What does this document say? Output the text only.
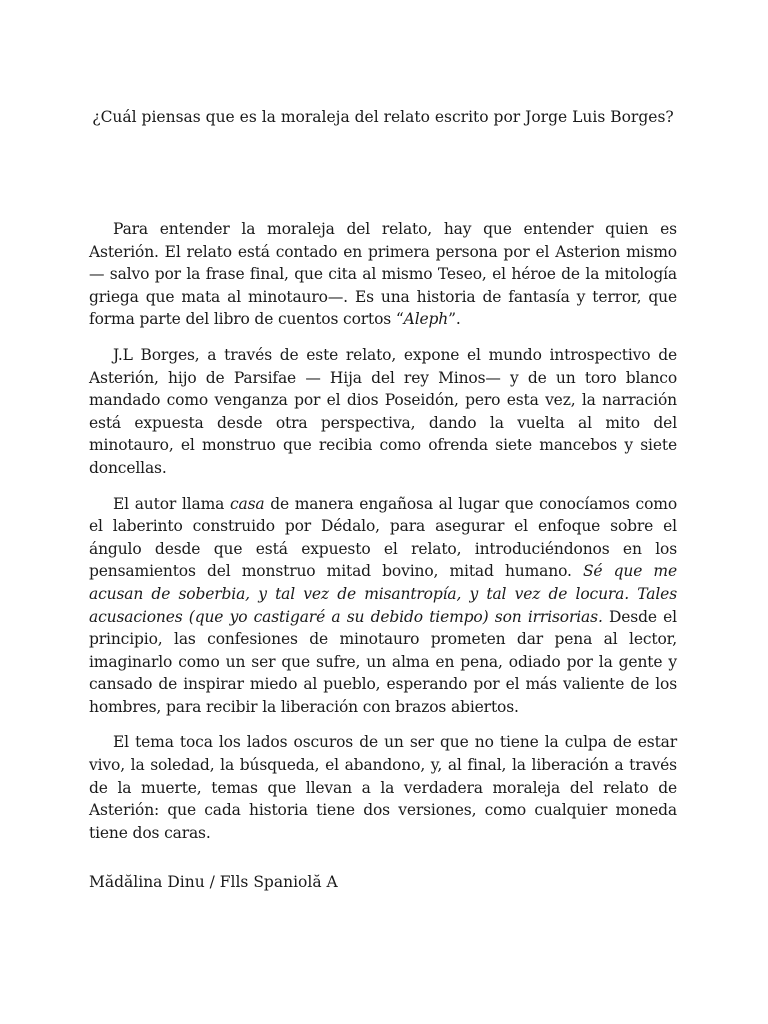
¿Cuál piensas que es la moraleja del relato escrito por Jorge Luis Borges?

Para entender la moraleja del relato, hay que entender quien es Asterión. El relato está contado en primera persona por el Asterion mismo — salvo por la frase final, que cita al mismo Teseo, el héroe de la mitología griega que mata al minotauro—. Es una historia de fantasía y terror, que forma parte del libro de cuentos cortos “Aleph”.

J.L Borges, a través de este relato, expone el mundo introspectivo de Asterión, hijo de Parsifae — Hija del rey Minos— y de un toro blanco mandado como venganza por el dios Poseidón, pero esta vez, la narración está expuesta desde otra perspectiva, dando la vuelta al mito del minotauro, el monstruo que recibia como ofrenda siete mancebos y siete doncellas.

El autor llama casa de manera engañosa al lugar que conocíamos como el laberinto construido por Dédalo, para asegurar el enfoque sobre el ángulo desde que está expuesto el relato, introduciéndonos en los pensamientos del monstruo mitad bovino, mitad humano. Sé que me acusan de soberbia, y tal vez de misantropía, y tal vez de locura. Tales acusaciones (que yo castigaré a su debido tiempo) son irrisorias. Desde el principio, las confesiones de minotauro prometen dar pena al lector, imaginarlo como un ser que sufre, un alma en pena, odiado por la gente y cansado de inspirar miedo al pueblo, esperando por el más valiente de los hombres, para recibir la liberación con brazos abiertos.

El tema toca los lados oscuros de un ser que no tiene la culpa de estar vivo, la soledad, la búsqueda, el abandono, y, al final, la liberación a través de la muerte, temas que llevan a la verdadera moraleja del relato de Asterión: que cada historia tiene dos versiones, como cualquier moneda tiene dos caras.

Mădălina Dinu / Flls Spaniolă A
